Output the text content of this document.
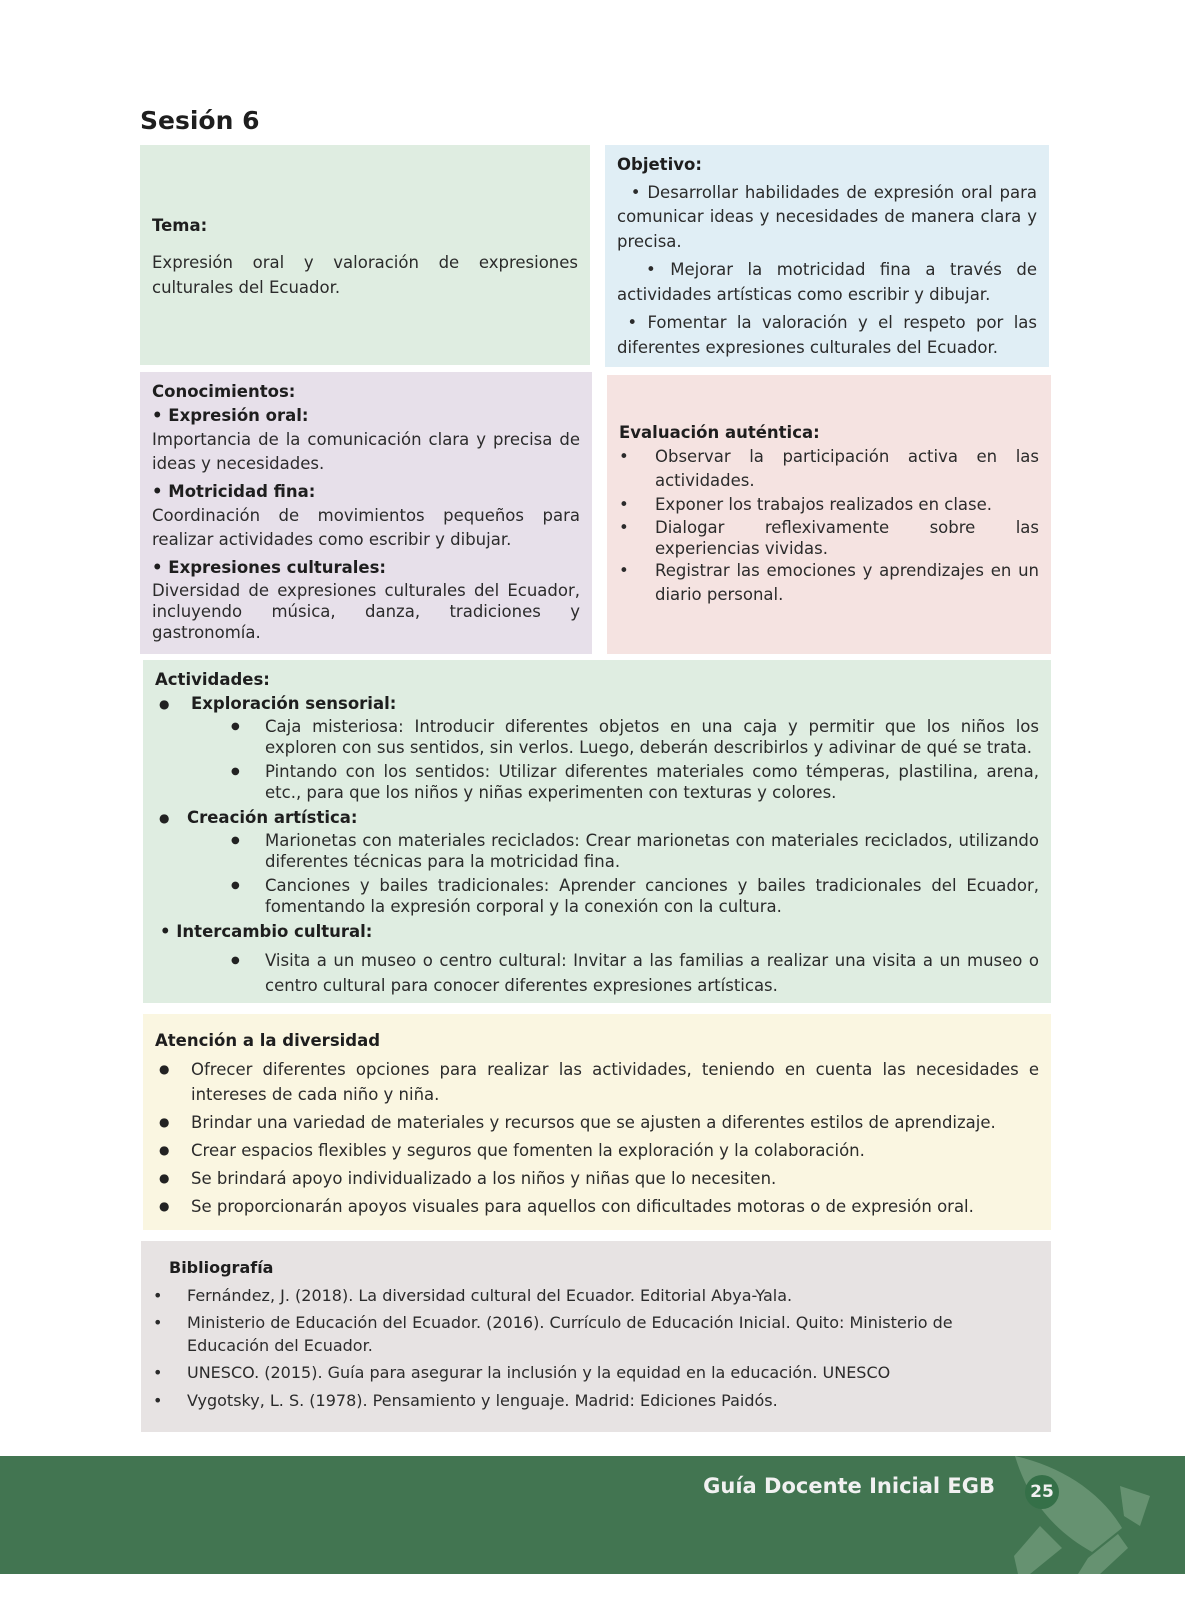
Sesión 6
Tema:

Expresión oral y valoración de expresiones culturales del Ecuador.

Objetivo:

• Desarrollar habilidades de expresión oral para comunicar ideas y necesidades de manera clara y precisa.

• Mejorar la motricidad fina a través de actividades artísticas como escribir y dibujar.

• Fomentar la valoración y el respeto por las diferentes expresiones culturales del Ecuador.

Conocimientos:
• Expresión oral:

Importancia de la comunicación clara y precisa de ideas y necesidades.

• Motricidad fina:

Coordinación de movimientos pequeños para realizar actividades como escribir y dibujar.

• Expresiones culturales:

Diversidad de expresiones culturales del Ecuador, incluyendo música, danza, tradiciones y gastronomía.

Evaluación auténtica:
• Observar la participación activa en las actividades.
• Exponer los trabajos realizados en clase.
• Dialogar reflexivamente sobre las experiencias vividas.
• Registrar las emociones y aprendizajes en un diario personal.
Actividades:
● Exploración sensorial:
● Caja misteriosa: Introducir diferentes objetos en una caja y permitir que los niños los exploren con sus sentidos, sin verlos. Luego, deberán describirlos y adivinar de qué se trata.
● Pintando con los sentidos: Utilizar diferentes materiales como témperas, plastilina, arena, etc., para que los niños y niñas experimenten con texturas y colores.
● Creación artística:
● Marionetas con materiales reciclados: Crear marionetas con materiales reciclados, utilizando diferentes técnicas para la motricidad fina.
● Canciones y bailes tradicionales: Aprender canciones y bailes tradicionales del Ecuador, fomentando la expresión corporal y la conexión con la cultura.
• Intercambio cultural:
● Visita a un museo o centro cultural: Invitar a las familias a realizar una visita a un museo o centro cultural para conocer diferentes expresiones artísticas.
Atención a la diversidad
● Ofrecer diferentes opciones para realizar las actividades, teniendo en cuenta las necesidades e intereses de cada niño y niña.
● Brindar una variedad de materiales y recursos que se ajusten a diferentes estilos de aprendizaje.
● Crear espacios flexibles y seguros que fomenten la exploración y la colaboración.
● Se brindará apoyo individualizado a los niños y niñas que lo necesiten.
● Se proporcionarán apoyos visuales para aquellos con dificultades motoras o de expresión oral.
Bibliografía
• Fernández, J. (2018). La diversidad cultural del Ecuador. Editorial Abya-Yala.
• Ministerio de Educación del Ecuador. (2016). Currículo de Educación Inicial. Quito: Ministerio de Educación del Ecuador.
• UNESCO. (2015). Guía para asegurar la inclusión y la equidad en la educación. UNESCO
• Vygotsky, L. S. (1978). Pensamiento y lenguaje. Madrid: Ediciones Paidós.
Guía Docente Inicial EGB	25
